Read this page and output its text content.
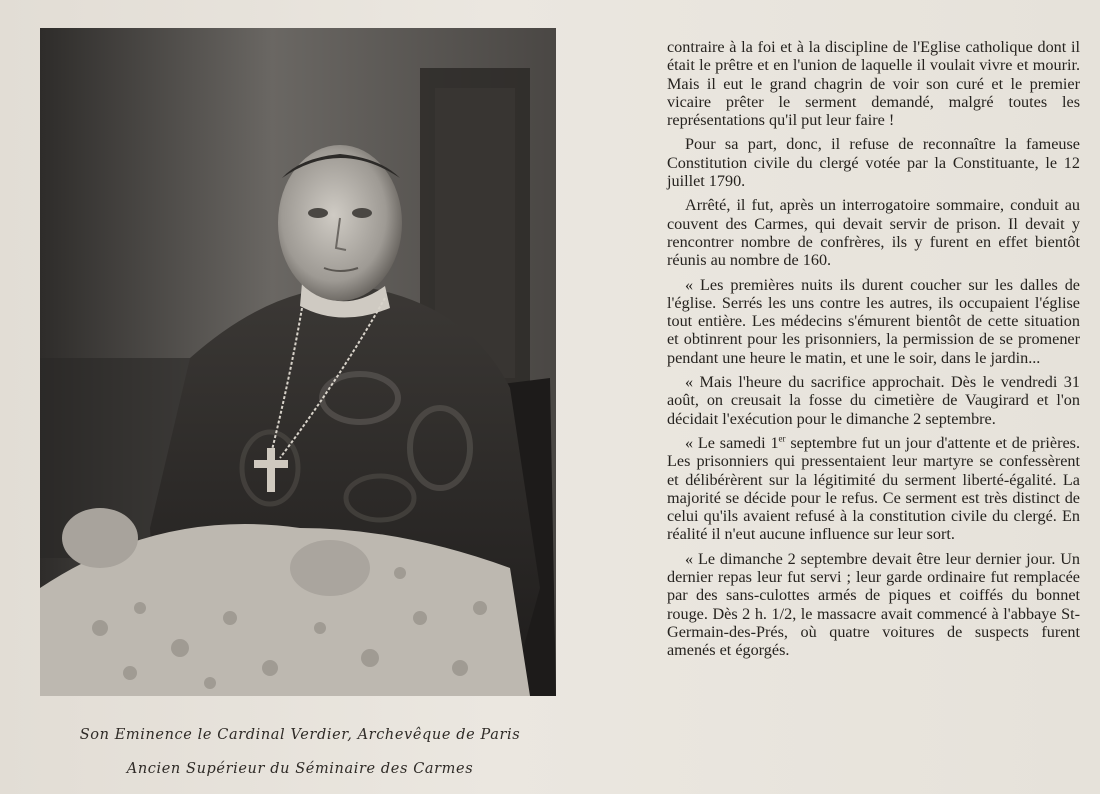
Son Eminence le Cardinal Verdier, Archevêque de Paris
Ancien Supérieur du Séminaire des Carmes

contraire à la foi et à la discipline de l'Eglise catholique dont il était le prêtre et en l'union de laquelle il voulait vivre et mourir. Mais il eut le grand chagrin de voir son curé et le premier vicaire prêter le serment demandé, malgré toutes les représentations qu'il put leur faire !

Pour sa part, donc, il refuse de reconnaître la fameuse Constitution civile du clergé votée par la Constituante, le 12 juillet 1790.

Arrêté, il fut, après un interrogatoire sommaire, conduit au couvent des Carmes, qui devait servir de prison. Il devait y rencontrer nombre de confrères, ils y furent en effet bientôt réunis au nombre de 160.

« Les premières nuits ils durent coucher sur les dalles de l'église. Serrés les uns contre les autres, ils occupaient l'église tout entière. Les médecins s'émurent bientôt de cette situation et obtinrent pour les prisonniers, la permission de se promener pendant une heure le matin, et une le soir, dans le jardin...

« Mais l'heure du sacrifice approchait. Dès le vendredi 31 août, on creusait la fosse du cimetière de Vaugirard et l'on décidait l'exécution pour le dimanche 2 septembre.

« Le samedi 1er septembre fut un jour d'attente et de prières. Les prisonniers qui pressentaient leur martyre se confessèrent et délibérèrent sur la légitimité du serment liberté-égalité. La majorité se décide pour le refus. Ce serment est très distinct de celui qu'ils avaient refusé à la constitution civile du clergé. En réalité il n'eut aucune influence sur leur sort.

« Le dimanche 2 septembre devait être leur dernier jour. Un dernier repas leur fut servi ; leur garde ordinaire fut remplacée par des sans-culottes armés de piques et coiffés du bonnet rouge. Dès 2 h. 1/2, le massacre avait commencé à l'abbaye St-Germain-des-Prés, où quatre voitures de suspects furent amenés et égorgés.
